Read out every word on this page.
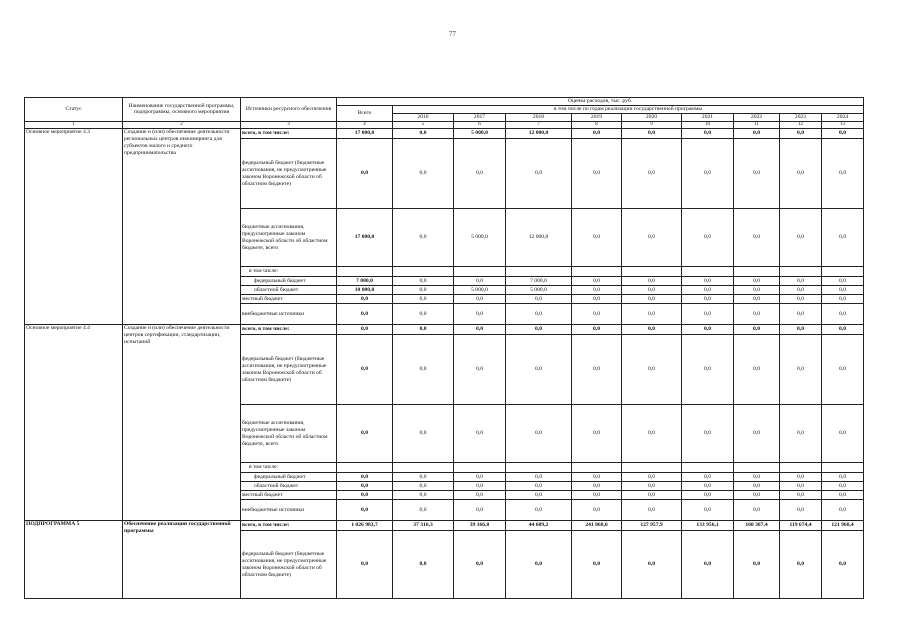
77
Статус	Наименование государственной программы, подпрограммы, основного мероприятия	Источники ресурсного обеспечения	Оценка расходов, тыс. руб.									
			Всего	в том числе по годам реализации государственной программы								
				2016	2017	2018	2019	2020	2021	2022	2023	2024
1	2	3	4	5	6	7	8	9	10	11	12	13
Основное мероприятие 4.3	Создание и (или) обеспечение деятельности региональных центров инжиниринга для субъектов малого и среднего предпринимательства	всего, в том числе:	17 000,0	0,0	5 000,0	12 000,0	0,0	0,0	0,0	0,0	0,0	0,0
		федеральный бюджет (бюджетные ассигнования, не предусмотренные законом Воронежской области об областном бюджете)	0,0	0,0	0,0	0,0	0,0	0,0	0,0	0,0	0,0	0,0
		бюджетные ассигнования, предусмотренные законом Воронежской области об областном бюджете, всего	17 000,0	0,0	5 000,0	12 000,0	0,0	0,0	0,0	0,0	0,0	0,0
		в том числе:										
		федеральный бюджет	7 000,0	0,0	0,0	7 000,0	0,0	0,0	0,0	0,0	0,0	0,0
		областной бюджет	10 000,0	0,0	5 000,0	5 000,0	0,0	0,0	0,0	0,0	0,0	0,0
		местный бюджет	0,0	0,0	0,0	0,0	0,0	0,0	0,0	0,0	0,0	0,0
		внебюджетные источники	0,0	0,0	0,0	0,0	0,0	0,0	0,0	0,0	0,0	0,0
Основное мероприятие 4.4	Создание и (или) обеспечение деятельности центров сертификации, стандартизации, испытаний	всего, в том числе:	0,0	0,0	0,0	0,0	0,0	0,0	0,0	0,0	0,0	0,0
		федеральный бюджет (бюджетные ассигнования, не предусмотренные законом Воронежской области об областном бюджете)	0,0	0,0	0,0	0,0	0,0	0,0	0,0	0,0	0,0	0,0
		бюджетные ассигнования, предусмотренные законом Воронежской области об областном бюджете, всего	0,0	0,0	0,0	0,0	0,0	0,0	0,0	0,0	0,0	0,0
		в том числе:										
		федеральный бюджет	0,0	0,0	0,0	0,0	0,0	0,0	0,0	0,0	0,0	0,0
		областной бюджет	0,0	0,0	0,0	0,0	0,0	0,0	0,0	0,0	0,0	0,0
		местный бюджет	0,0	0,0	0,0	0,0	0,0	0,0	0,0	0,0	0,0	0,0
		внебюджетные источники	0,0	0,0	0,0	0,0	0,0	0,0	0,0	0,0	0,0	0,0
ПОДПРОГРАММА 5	Обеспечение реализации государственной программы	всего, в том числе:	1 026 983,7	37 316,3	39 166,0	44 689,2	241 868,0	127 957,9	133 956,1	160 387,4	119 674,4	121 968,4
		федеральный бюджет (бюджетные ассигнования, не предусмотренные законом Воронежской области об областном бюджете)	0,0	0,0	0,0	0,0	0,0	0,0	0,0	0,0	0,0	0,0
